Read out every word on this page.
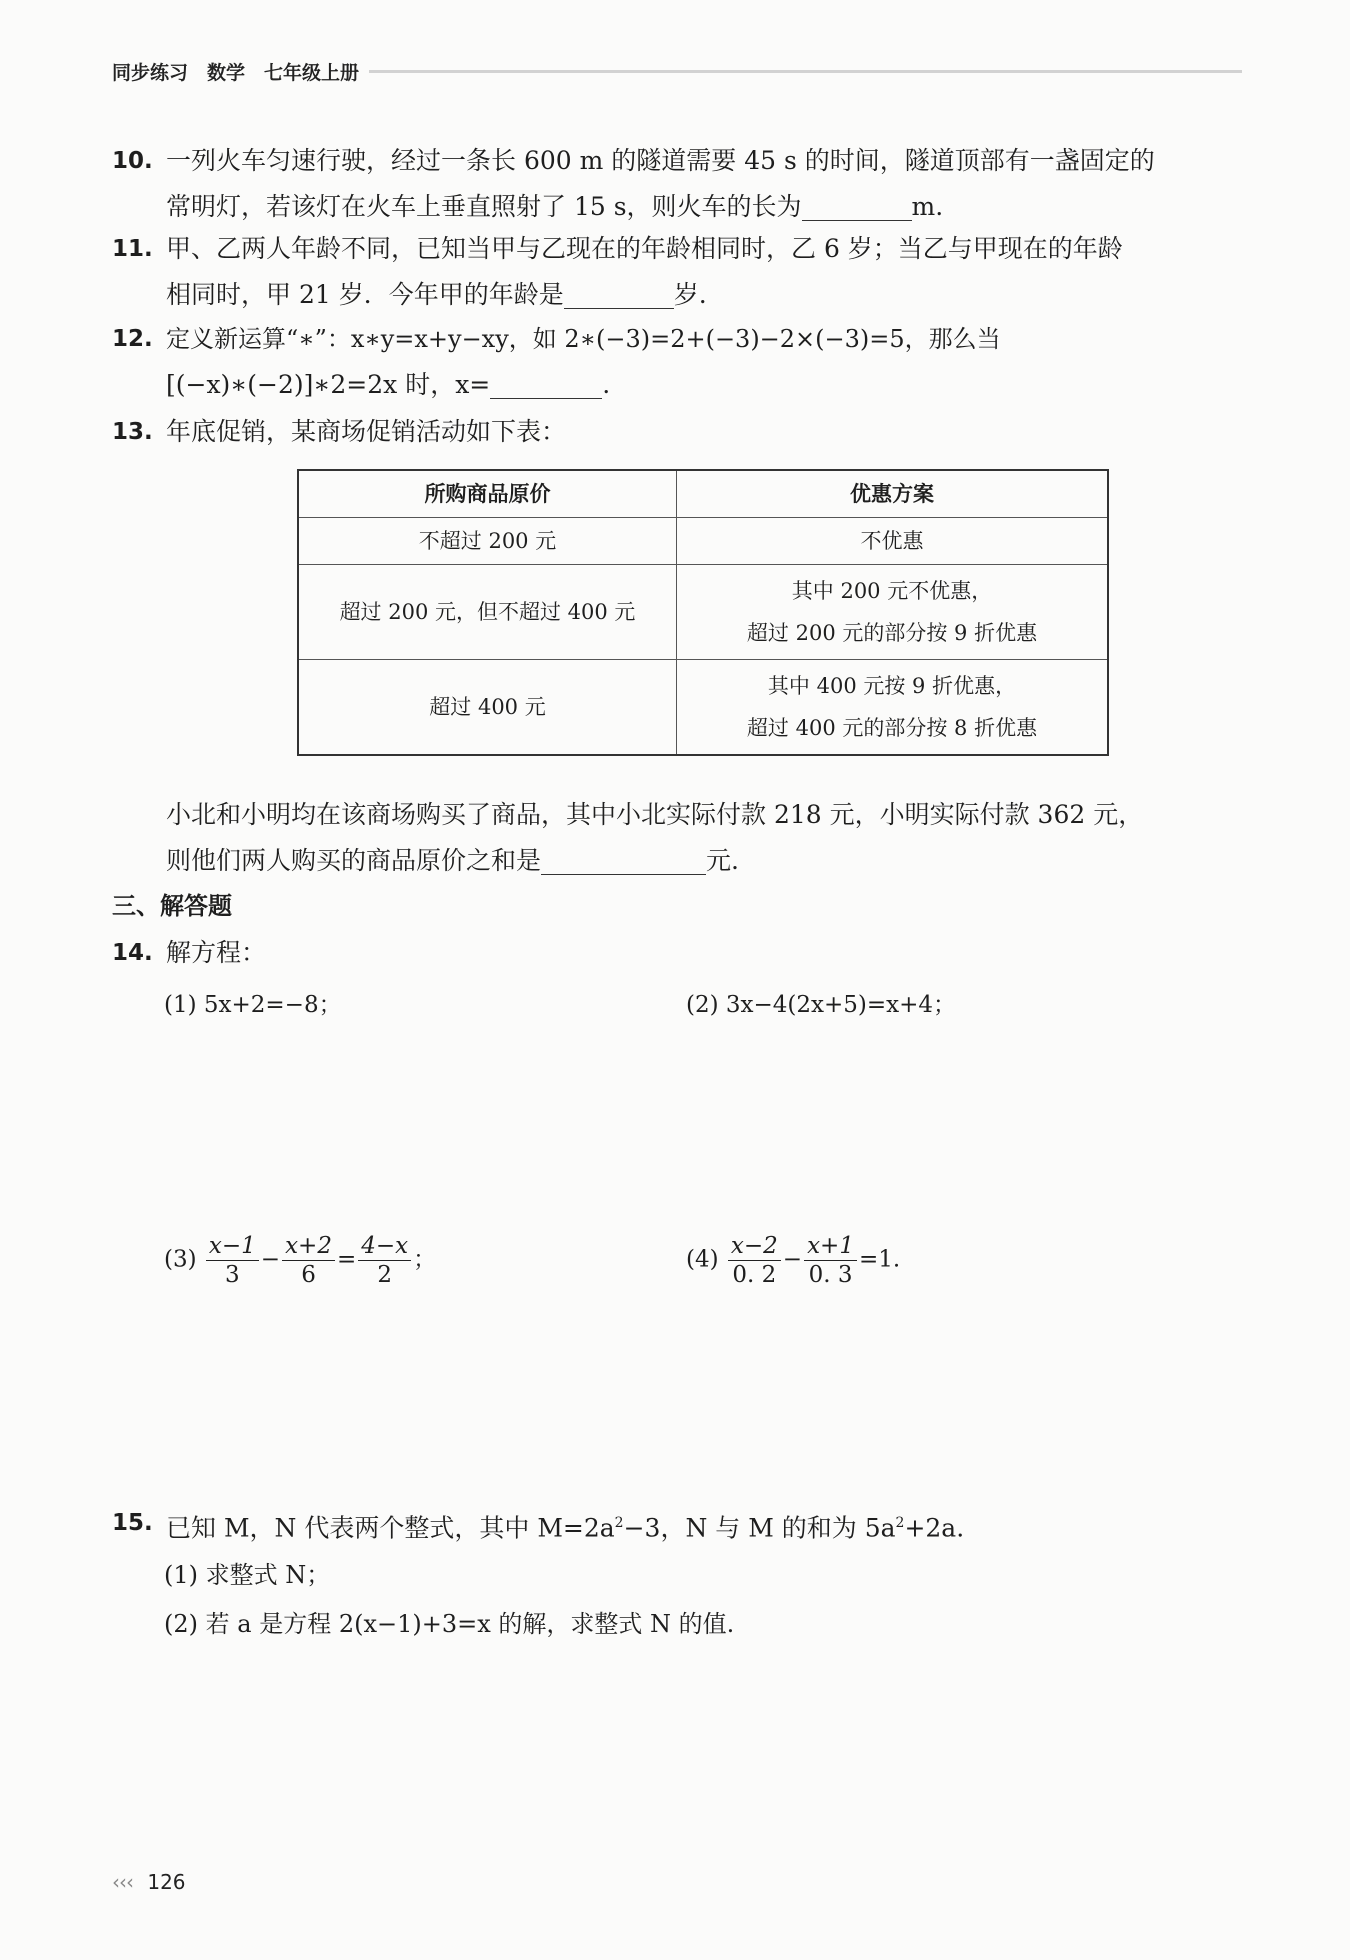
同步练习　数学　七年级上册
10. 一列火车匀速行驶，经过一条长 600 m 的隧道需要 45 s 的时间，隧道顶部有一盏固定的
常明灯，若该灯在火车上垂直照射了 15 s，则火车的长为	m.
11. 甲、乙两人年龄不同，已知当甲与乙现在的年龄相同时，乙 6 岁；当乙与甲现在的年龄
相同时，甲 21 岁．今年甲的年龄是	岁.
12. 定义新运算“∗”：x∗y=x+y−xy，如 2∗(−3)=2+(−3)−2×(−3)=5，那么当
[(−x)∗(−2)]∗2=2x 时，x=	.
13. 年底促销，某商场促销活动如下表：
所购商品原价	优惠方案
不超过 200 元	不优惠
超过 200 元，但不超过 400 元	其中 200 元不优惠，
超过 200 元的部分按 9 折优惠

超过 400 元	其中 400 元按 9 折优惠，
超过 400 元的部分按 8 折优惠
小北和小明均在该商场购买了商品，其中小北实际付款 218 元，小明实际付款 362 元，
则他们两人购买的商品原价之和是	元.
三、解答题
14. 解方程：
(1) 5x+2=−8；	(2) 3x−4(2x+5)=x+4；
$(3) \frac{x-1}{3} - \frac{x+2}{6} = \frac{4-x}{2}$ ；	$(4) \frac{x-2}{0. 2} - \frac{x+1}{0. 3} =1$.
15. 已知 M，N 代表两个整式，其中 $M=2a^2-3$，N 与 M 的和为 $5a^2+2a$.
(1) 求整式 N；
(2) 若 a 是方程 2(x−1)+3=x 的解，求整式 N 的值.
‹‹‹ 126
